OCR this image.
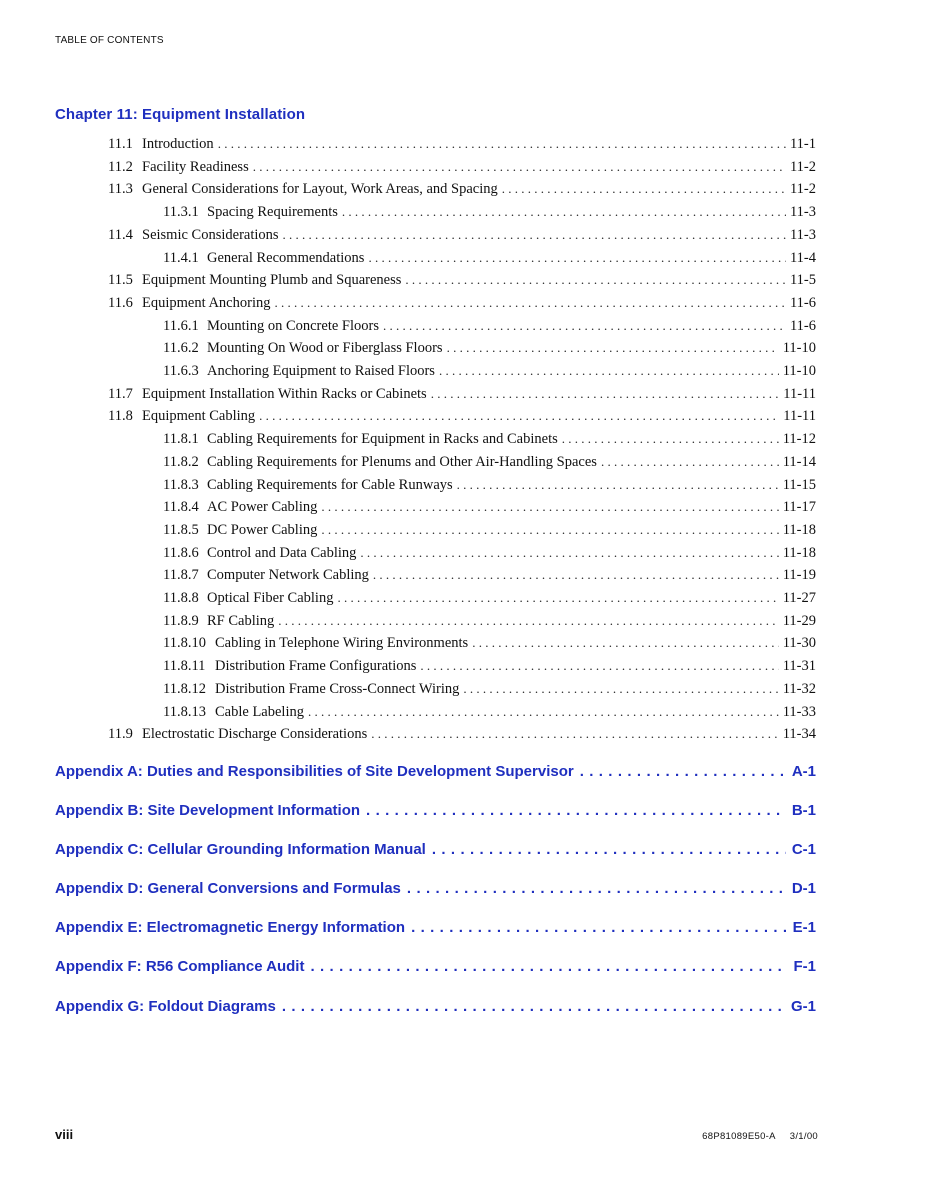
TABLE OF CONTENTS
Chapter 11: Equipment Installation
11.1 Introduction . . .	11-1
11.2 Facility Readiness . . .	11-2
11.3 General Considerations for Layout, Work Areas, and Spacing . . .	11-2
11.3.1 Spacing Requirements . . .	11-3
11.4 Seismic Considerations . . .	11-3
11.4.1 General Recommendations . . .	11-4
11.5 Equipment Mounting Plumb and Squareness . . .	11-5
11.6 Equipment Anchoring . . .	11-6
11.6.1 Mounting on Concrete Floors . . .	11-6
11.6.2 Mounting On Wood or Fiberglass Floors . . .	11-10
11.6.3 Anchoring Equipment to Raised Floors . . .	11-10
11.7 Equipment Installation Within Racks or Cabinets . . .	11-11
11.8 Equipment Cabling . . .	11-11
11.8.1 Cabling Requirements for Equipment in Racks and Cabinets . . .	11-12
11.8.2 Cabling Requirements for Plenums and Other Air-Handling Spaces . . .	11-14
11.8.3 Cabling Requirements for Cable Runways . . .	11-15
11.8.4 AC Power Cabling . . .	11-17
11.8.5 DC Power Cabling . . .	11-18
11.8.6 Control and Data Cabling . . .	11-18
11.8.7 Computer Network Cabling . . .	11-19
11.8.8 Optical Fiber Cabling . . .	11-27
11.8.9 RF Cabling . . .	11-29
11.8.10 Cabling in Telephone Wiring Environments . . .	11-30
11.8.11 Distribution Frame Configurations . . .	11-31
11.8.12 Distribution Frame Cross-Connect Wiring . . .	11-32
11.8.13 Cable Labeling . . .	11-33
11.9 Electrostatic Discharge Considerations . . .	11-34
Appendix A: Duties and Responsibilities of Site Development Supervisor . . .	A-1
Appendix B: Site Development Information . . .	B-1
Appendix C: Cellular Grounding Information Manual . . .	C-1
Appendix D: General Conversions and Formulas . . .	D-1
Appendix E: Electromagnetic Energy Information . . .	E-1
Appendix F: R56 Compliance Audit . . .	F-1
Appendix G: Foldout Diagrams . . .	G-1
viii	68P81089E50-A 3/1/00
